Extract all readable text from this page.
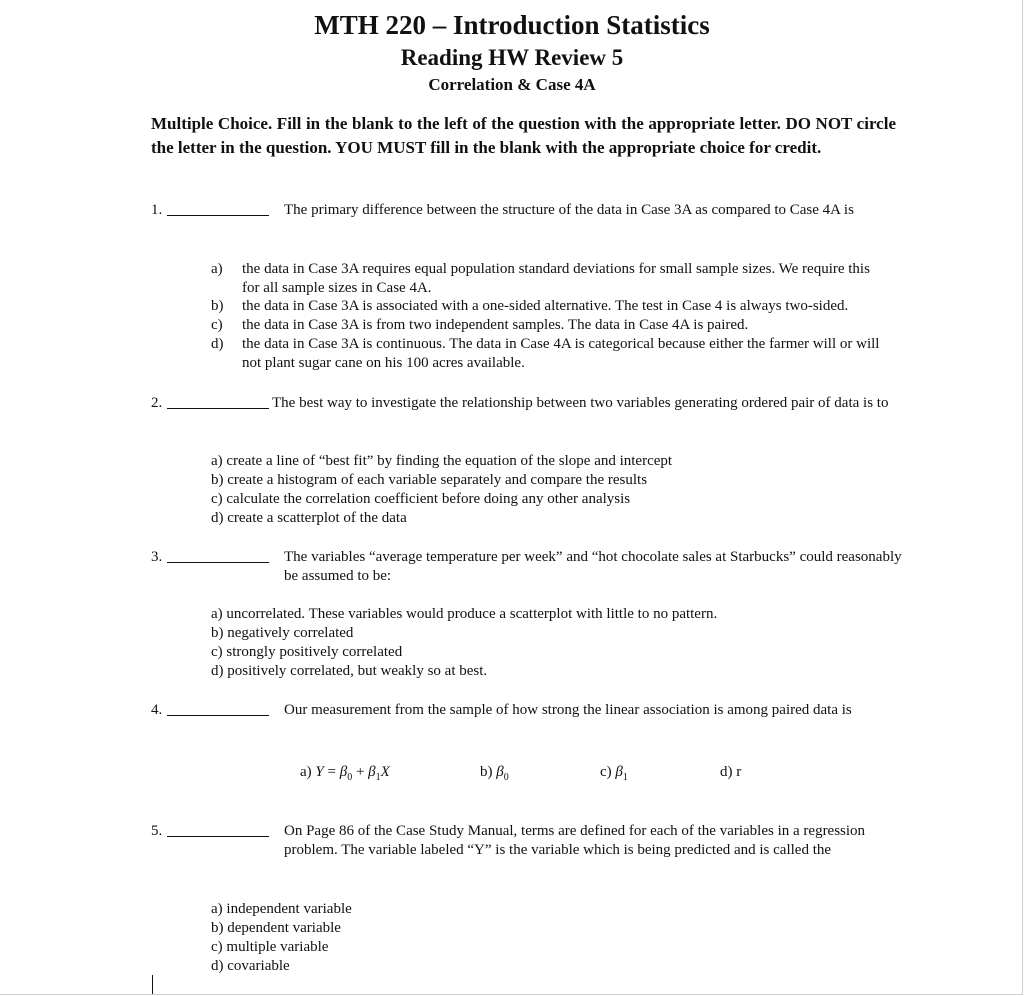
MTH 220 – Introduction Statistics
Reading HW Review 5
Correlation & Case 4A
Multiple Choice. Fill in the blank to the left of the question with the appropriate letter. DO NOT circle the letter in the question. YOU MUST fill in the blank with the appropriate choice for credit.
1.	The primary difference between the structure of the data in Case 3A as compared to Case 4A is
a) the data in Case 3A requires equal population standard deviations for small sample sizes. We require this for all sample sizes in Case 4A.
b) the data in Case 3A is associated with a one-sided alternative. The test in Case 4 is always two-sided.
c) the data in Case 3A is from two independent samples. The data in Case 4A is paired.
d) the data in Case 3A is continuous. The data in Case 4A is categorical because either the farmer will or will not plant sugar cane on his 100 acres available.
2.	The best way to investigate the relationship between two variables generating ordered pair of data is to
a) create a line of “best fit” by finding the equation of the slope and intercept
b) create a histogram of each variable separately and compare the results
c) calculate the correlation coefficient before doing any other analysis
d) create a scatterplot of the data
3.	The variables “average temperature per week” and “hot chocolate sales at Starbucks” could reasonably be assumed to be:
a) uncorrelated. These variables would produce a scatterplot with little to no pattern.
b) negatively correlated
c) strongly positively correlated
d) positively correlated, but weakly so at best.
4.	Our measurement from the sample of how strong the linear association is among paired data is
a) $Y = \beta_0 + \beta_1X$	b) $\beta_0$	c) $\beta_1$	d) r
5.	On Page 86 of the Case Study Manual, terms are defined for each of the variables in a regression problem. The variable labeled “Y” is the variable which is being predicted and is called the
a) independent variable
b) dependent variable
c) multiple variable
d) covariable
